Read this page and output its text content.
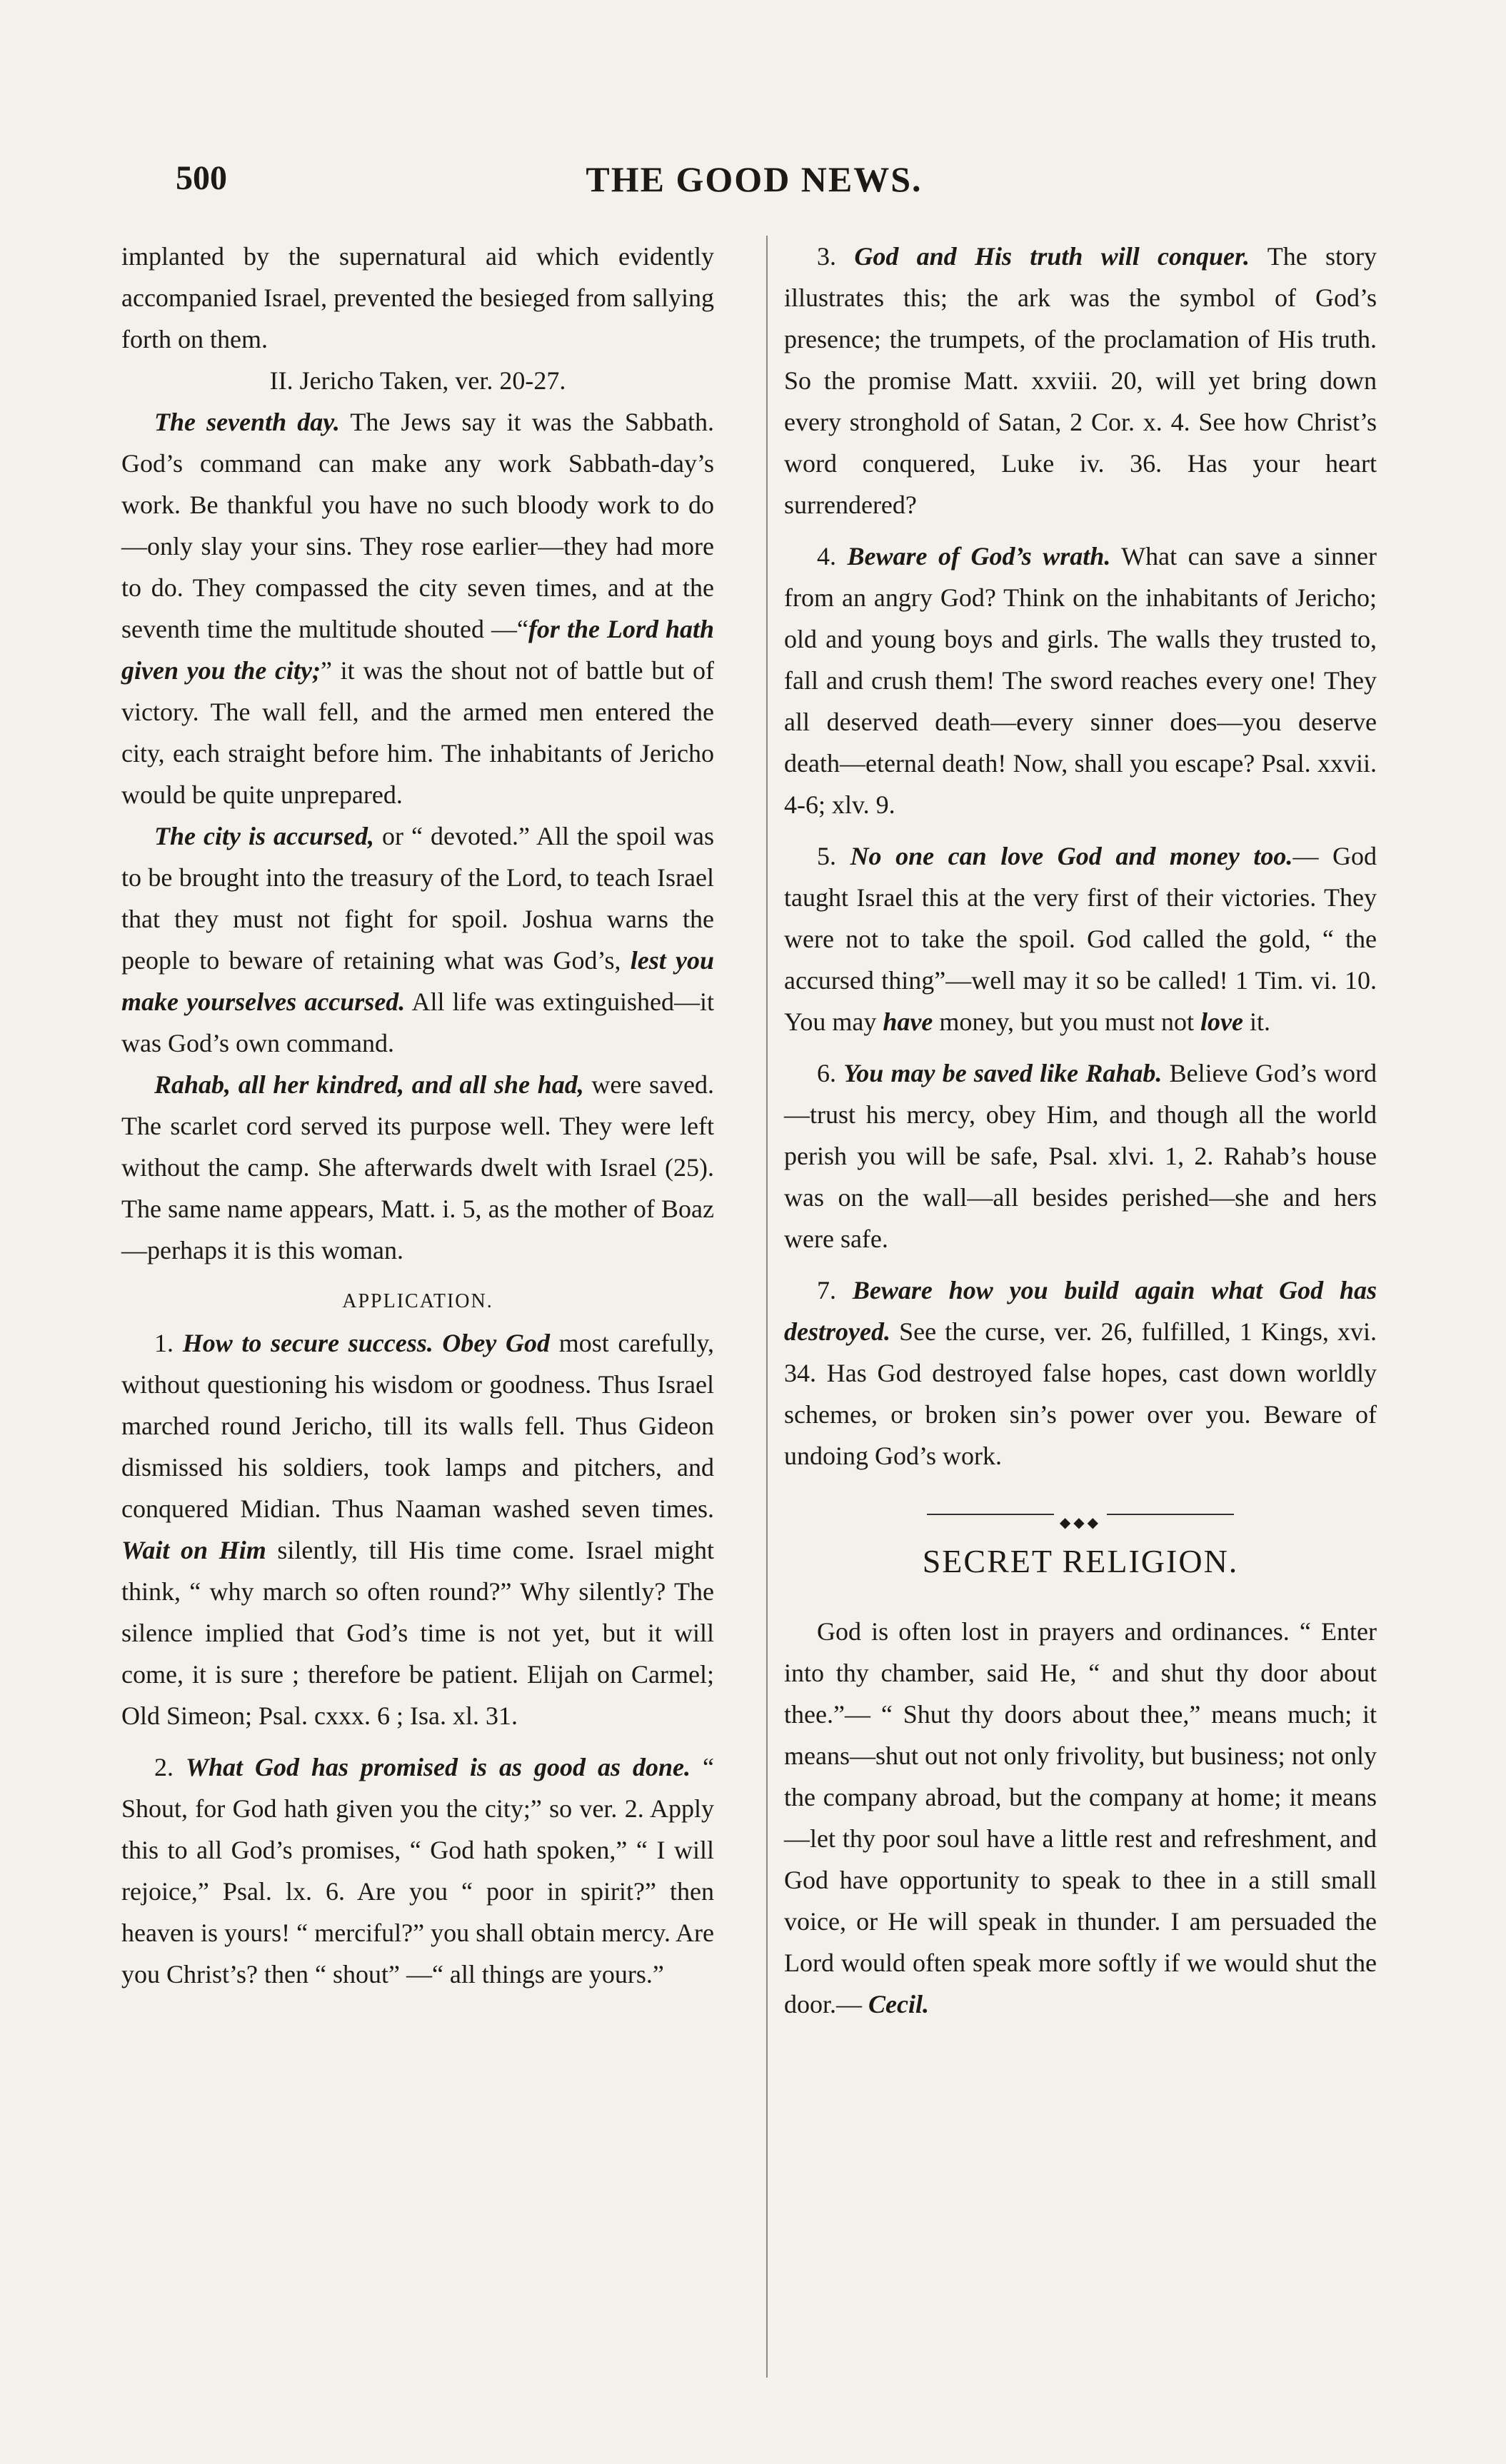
500	THE GOOD NEWS.

implanted by the supernatural aid which evidently accompanied Israel, prevented the besieged from sallying forth on them.

II. Jericho Taken, ver. 20-27.

The seventh day. The Jews say it was the Sabbath. God’s command can make any work Sabbath-day’s work. Be thankful you have no such bloody work to do—only slay your sins. They rose earlier—they had more to do. They compassed the city seven times, and at the seventh time the multitude shouted —“for the Lord hath given you the city;” it was the shout not of battle but of victory. The wall fell, and the armed men entered the city, each straight before him. The inhabitants of Jericho would be quite unprepared.

The city is accursed, or “ devoted.” All the spoil was to be brought into the treasury of the Lord, to teach Israel that they must not fight for spoil. Joshua warns the people to beware of retaining what was God’s, lest you make yourselves accursed. All life was extinguished—it was God’s own command.

Rahab, all her kindred, and all she had, were saved. The scarlet cord served its purpose well. They were left without the camp. She afterwards dwelt with Israel (25). The same name appears, Matt. i. 5, as the mother of Boaz—perhaps it is this woman.

APPLICATION.

1. How to secure success. Obey God most carefully, without questioning his wisdom or goodness. Thus Israel marched round Jericho, till its walls fell. Thus Gideon dismissed his soldiers, took lamps and pitchers, and conquered Midian. Thus Naaman washed seven times. Wait on Him silently, till His time come. Israel might think, “ why march so often round?” Why silently? The silence implied that God’s time is not yet, but it will come, it is sure ; therefore be patient. Elijah on Carmel; Old Simeon; Psal. cxxx. 6 ; Isa. xl. 31.

2. What God has promised is as good as done. “ Shout, for God hath given you the city;” so ver. 2. Apply this to all God’s promises, “ God hath spoken,” “ I will rejoice,” Psal. lx. 6. Are you “ poor in spirit?” then heaven is yours! “ merciful?” you shall obtain mercy. Are you Christ’s? then “ shout” —“ all things are yours.”

3. God and His truth will conquer. The story illustrates this; the ark was the symbol of God’s presence; the trumpets, of the proclamation of His truth. So the promise Matt. xxviii. 20, will yet bring down every stronghold of Satan, 2 Cor. x. 4. See how Christ’s word conquered, Luke iv. 36. Has your heart surrendered?

4. Beware of God’s wrath. What can save a sinner from an angry God? Think on the inhabitants of Jericho; old and young boys and girls. The walls they trusted to, fall and crush them! The sword reaches every one! They all deserved death—every sinner does—you deserve death—eternal death! Now, shall you escape? Psal. xxvii. 4-6; xlv. 9.

5. No one can love God and money too.— God taught Israel this at the very first of their victories. They were not to take the spoil. God called the gold, “ the accursed thing”—well may it so be called! 1 Tim. vi. 10. You may have money, but you must not love it.

6. You may be saved like Rahab. Believe God’s word—trust his mercy, obey Him, and though all the world perish you will be safe, Psal. xlvi. 1, 2. Rahab’s house was on the wall—all besides perished—she and hers were safe.

7. Beware how you build again what God has destroyed. See the curse, ver. 26, fulfilled, 1 Kings, xvi. 34. Has God destroyed false hopes, cast down worldly schemes, or broken sin’s power over you. Beware of undoing God’s work.

◆◆◆

SECRET RELIGION.

God is often lost in prayers and ordinances. “ Enter into thy chamber, said He, “ and shut thy door about thee.”— “ Shut thy doors about thee,” means much; it means—shut out not only frivolity, but business; not only the company abroad, but the company at home; it means—let thy poor soul have a little rest and refreshment, and God have opportunity to speak to thee in a still small voice, or He will speak in thunder. I am persuaded the Lord would often speak more softly if we would shut the door.— Cecil.
